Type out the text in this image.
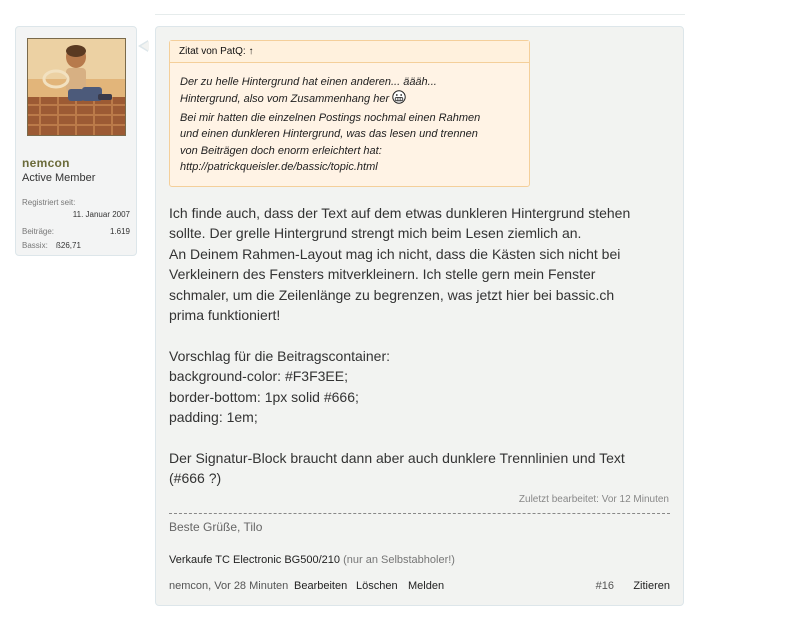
nemcon
Active Member
Registriert seit:
11. Januar 2007
Beiträge:	1.619
Bassix: ß26,71
Zitat von PatQ: ↑
Der zu helle Hintergrund hat einen anderen... äääh...
Hintergrund, also vom Zusammenhang her
Bei mir hatten die einzelnen Postings nochmal einen Rahmen
und einen dunkleren Hintergrund, was das lesen und trennen
von Beiträgen doch enorm erleichtert hat:
http://patrickqueisler.de/bassic/topic.html

Ich finde auch, dass der Text auf dem etwas dunkleren Hintergrund stehen

sollte. Der grelle Hintergrund strengt mich beim Lesen ziemlich an.

An Deinem Rahmen-Layout mag ich nicht, dass die Kästen sich nicht bei

Verkleinern des Fensters mitverkleinern. Ich stelle gern mein Fenster

schmaler, um die Zeilenlänge zu begrenzen, was jetzt hier bei bassic.ch

prima funktioniert!

Vorschlag für die Beitragscontainer:

background-color: #F3F3EE;

border-bottom: 1px solid #666;

padding: 1em;

Der Signatur-Block braucht dann aber auch dunklere Trennlinien und Text

(#666 ?)

Zuletzt bearbeitet: Vor 12 Minuten
Beste Grüße, Tilo
Verkaufe TC Electronic BG500/210 (nur an Selbstabholer!)
nemcon, Vor 28 Minuten Bearbeiten Löschen Melden	#16 Zitieren
